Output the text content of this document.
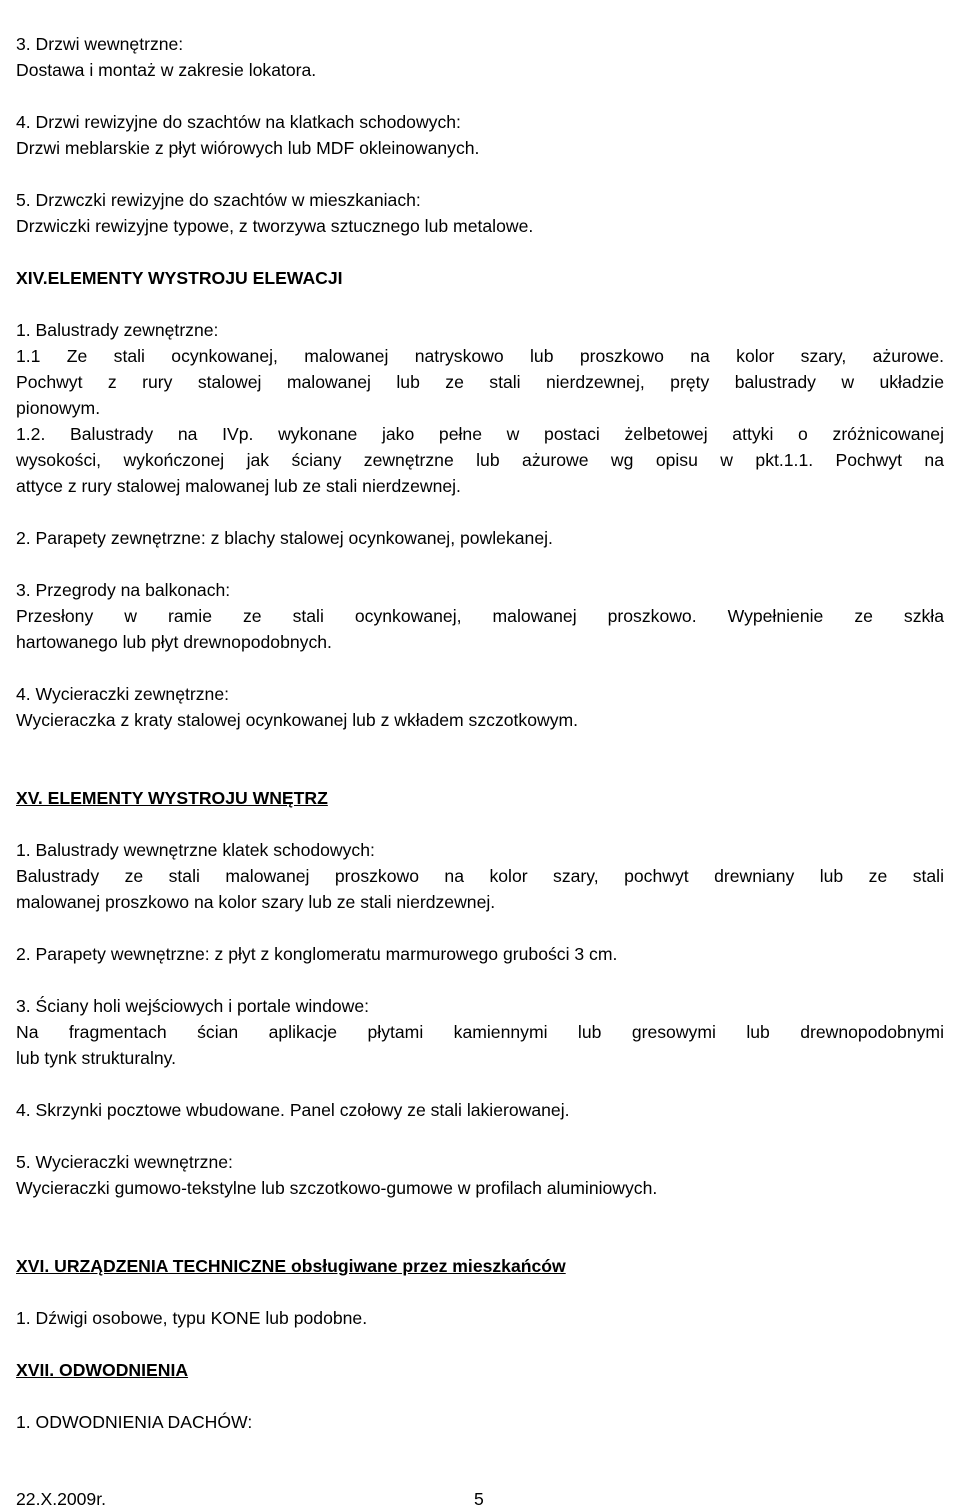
3. Drzwi wewnętrzne:

Dostawa i montaż w zakresie lokatora.

4. Drzwi rewizyjne do szachtów na klatkach schodowych:

Drzwi meblarskie z płyt wiórowych lub MDF okleinowanych.

5. Drzwczki rewizyjne do szachtów w mieszkaniach:

Drzwiczki rewizyjne typowe, z tworzywa sztucznego lub metalowe.

XIV.ELEMENTY WYSTROJU ELEWACJI

1. Balustrady zewnętrzne:

1.1 Ze stali ocynkowanej, malowanej natryskowo lub proszkowo na kolor szary, ażurowe.

Pochwyt z rury stalowej malowanej lub ze stali nierdzewnej, pręty balustrady w układzie

pionowym.

1.2. Balustrady na IVp. wykonane jako pełne w postaci żelbetowej attyki o zróżnicowanej

wysokości, wykończonej jak ściany zewnętrzne lub ażurowe wg opisu w pkt.1.1. Pochwyt na

attyce z rury stalowej malowanej lub ze stali nierdzewnej.

2. Parapety zewnętrzne: z blachy stalowej ocynkowanej, powlekanej.

3. Przegrody na balkonach:

Przesłony w ramie ze stali ocynkowanej, malowanej proszkowo. Wypełnienie ze szkła

hartowanego lub płyt drewnopodobnych.

4. Wycieraczki zewnętrzne:

Wycieraczka z kraty stalowej ocynkowanej lub z wkładem szczotkowym.

XV. ELEMENTY WYSTROJU WNĘTRZ

1. Balustrady wewnętrzne klatek schodowych:

Balustrady ze stali malowanej proszkowo na kolor szary, pochwyt drewniany lub ze stali

malowanej proszkowo na kolor szary lub ze stali nierdzewnej.

2. Parapety wewnętrzne: z płyt z konglomeratu marmurowego grubości 3 cm.

3. Ściany holi wejściowych i portale windowe:

Na fragmentach ścian aplikacje płytami kamiennymi lub gresowymi lub drewnopodobnymi

lub tynk strukturalny.

4. Skrzynki pocztowe wbudowane. Panel czołowy ze stali lakierowanej.

5. Wycieraczki wewnętrzne:

Wycieraczki gumowo-tekstylne lub szczotkowo-gumowe w profilach aluminiowych.

XVI. URZĄDZENIA TECHNICZNE obsługiwane przez mieszkańców

1. Dźwigi osobowe, typu KONE lub podobne.

XVII. ODWODNIENIA

1. ODWODNIENIA DACHÓW:

22.X.2009r.	5
